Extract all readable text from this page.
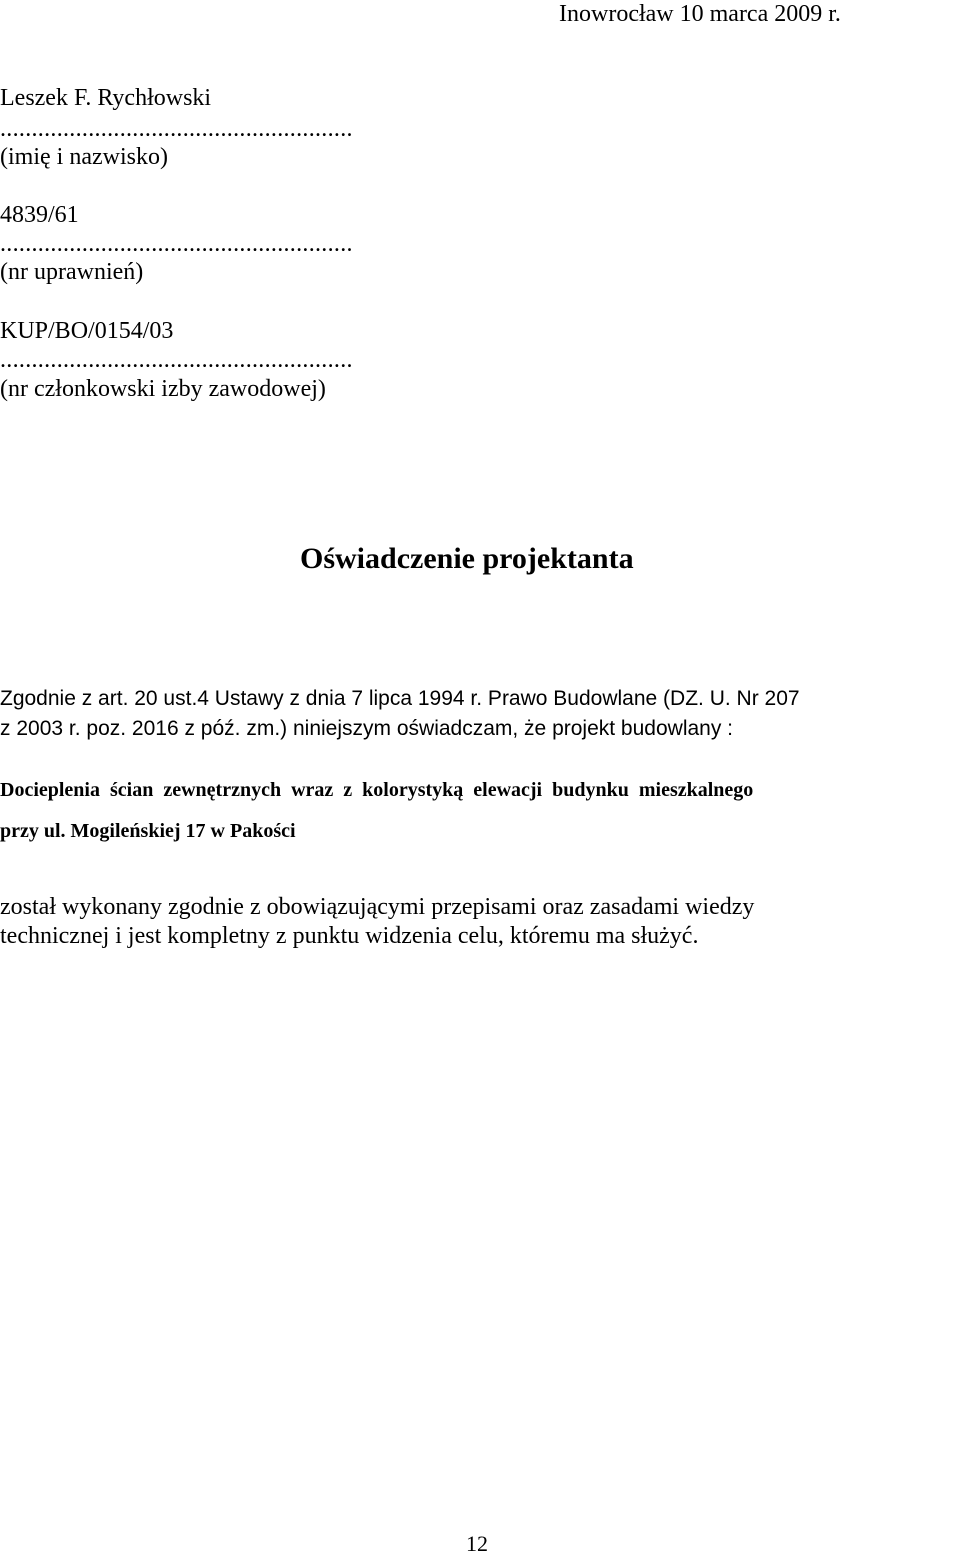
Inowrocław 10 marca 2009 r.
Leszek F. Rychłowski
........................................................
(imię i nazwisko)
4839/61
........................................................
(nr uprawnień)
KUP/BO/0154/03
........................................................
(nr członkowski izby zawodowej)
Oświadczenie projektanta
Zgodnie z art. 20 ust.4 Ustawy z dnia 7 lipca 1994 r. Prawo Budowlane (DZ. U. Nr 207
z 2003 r. poz. 2016 z póź. zm.) niniejszym oświadczam, że projekt budowlany :
Docieplenia ścian zewnętrznych wraz z kolorystyką elewacji budynku mieszkalnego
przy ul. Mogileńskiej 17 w Pakości
został wykonany zgodnie z obowiązującymi przepisami oraz zasadami wiedzy
technicznej i jest kompletny z punktu widzenia celu, któremu ma służyć.
12
